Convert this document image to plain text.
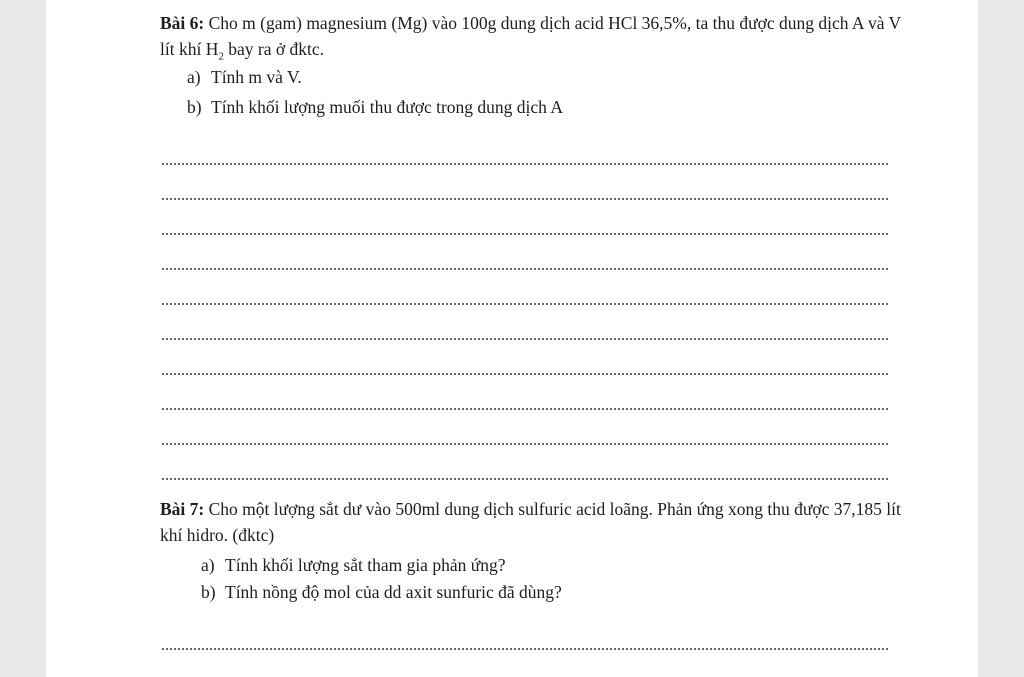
Bài 6: Cho m (gam) magnesium (Mg) vào 100g dung dịch acid HCl 36,5%, ta thu được dung dịch A và V lít khí $H_2$ bay ra ở đktc.
a) Tính m và V.
b) Tính khối lượng muối thu được trong dung dịch A
Bài 7: Cho một lượng sắt dư vào 500ml dung dịch sulfuric acid loãng. Phản ứng xong thu được 37,185 lít khí hidro. (đktc)
a) Tính khối lượng sắt tham gia phản ứng?
b) Tính nồng độ mol của dd axit sunfuric đã dùng?
